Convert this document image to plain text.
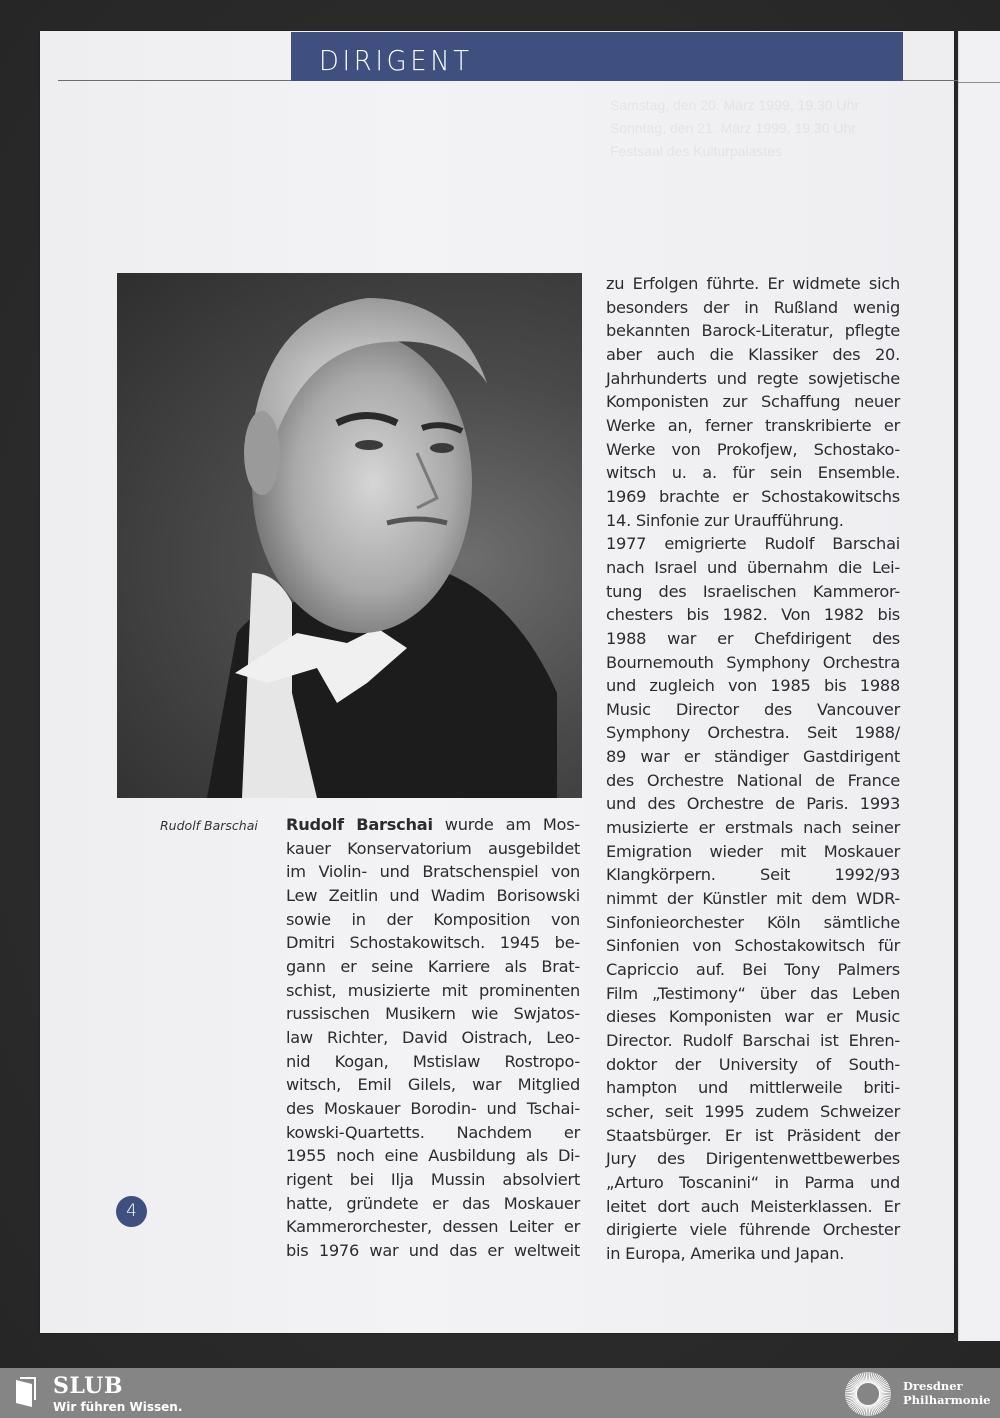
DIRIGENT
Samstag, den 20. März 1999, 19.30 Uhr
Sonntag, den 21. März 1999, 19.30 Uhr
Festsaal des Kulturpalastes
Rudolf Barschai Rudolf Barschai wurde am Mos-
kauer Konservatorium ausgebildet
im Violin- und Bratschenspiel von
Lew Zeitlin und Wadim Borisowski
sowie in der Komposition von
Dmitri Schostakowitsch. 1945 be-
gann er seine Karriere als Brat-
schist, musizierte mit prominenten
russischen Musikern wie Swjatos-
law Richter, David Oistrach, Leo-
nid Kogan, Mstislaw Rostropo-
witsch, Emil Gilels, war Mitglied
des Moskauer Borodin- und Tschai-
kowski-Quartetts. Nachdem er
1955 noch eine Ausbildung als Di-
rigent bei Ilja Mussin absolviert
hatte, gründete er das Moskauer
Kammerorchester, dessen Leiter er
bis 1976 war und das er weltweit
zu Erfolgen führte. Er widmete sich
besonders der in Rußland wenig
bekannten Barock-Literatur, pflegte
aber auch die Klassiker des 20.
Jahrhunderts und regte sowjetische
Komponisten zur Schaffung neuer
Werke an, ferner transkribierte er
Werke von Prokofjew, Schostako-
witsch u. a. für sein Ensemble.
1969 brachte er Schostakowitschs
14. Sinfonie zur Uraufführung.
1977 emigrierte Rudolf Barschai
nach Israel und übernahm die Lei-
tung des Israelischen Kammeror-
chesters bis 1982. Von 1982 bis
1988 war er Chefdirigent des
Bournemouth Symphony Orchestra
und zugleich von 1985 bis 1988
Music Director des Vancouver
Symphony Orchestra. Seit 1988/
89 war er ständiger Gastdirigent
des Orchestre National de France
und des Orchestre de Paris. 1993
musizierte er erstmals nach seiner
Emigration wieder mit Moskauer
Klangkörpern. Seit 1992/93
nimmt der Künstler mit dem WDR-
Sinfonieorchester Köln sämtliche
Sinfonien von Schostakowitsch für
Capriccio auf. Bei Tony Palmers
Film „Testimony“ über das Leben
dieses Komponisten war er Music
Director. Rudolf Barschai ist Ehren-
doktor der University of South-
hampton und mittlerweile briti-
scher, seit 1995 zudem Schweizer
Staatsbürger. Er ist Präsident der
Jury des Dirigentenwettbewerbes
„Arturo Toscanini“ in Parma und
leitet dort auch Meisterklassen. Er
dirigierte viele führende Orchester
in Europa, Amerika und Japan.
4
SLUB
Wir führen Wissen.
Dresdner
Philharmonie
